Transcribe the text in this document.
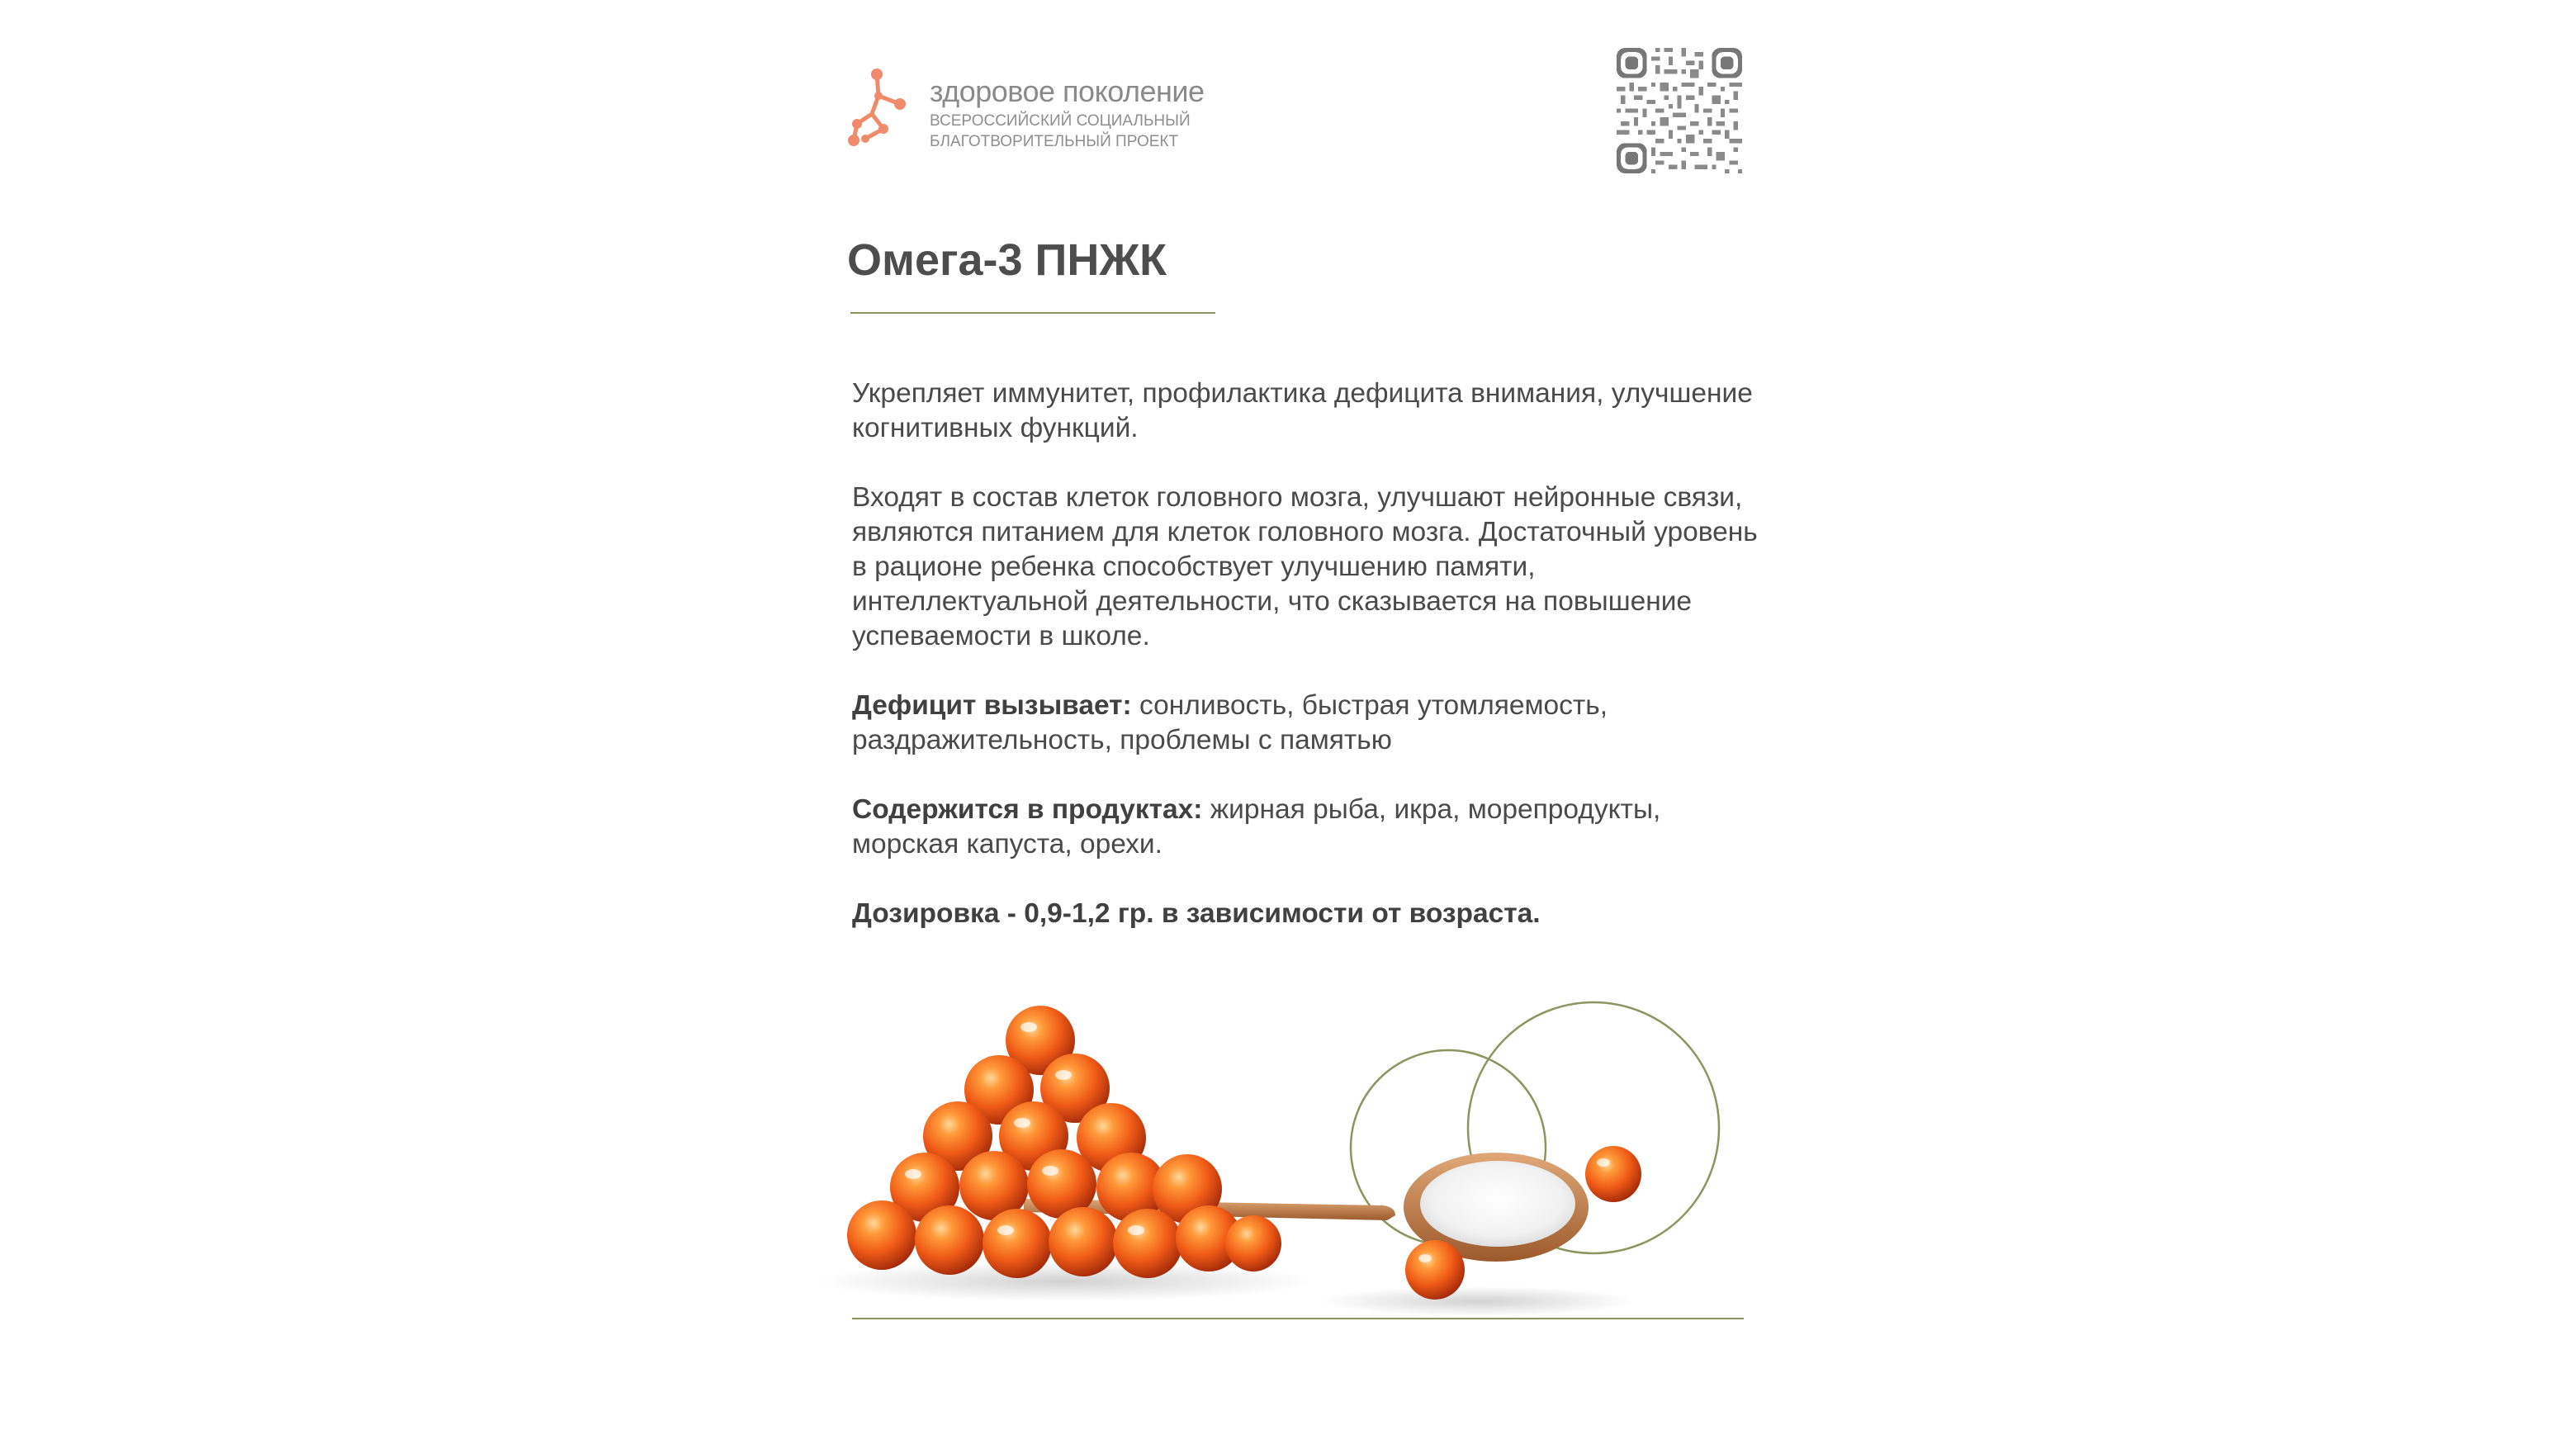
здоровое поколение
ВСЕРОССИЙСКИЙ СОЦИАЛЬНЫЙ
БЛАГОТВОРИТЕЛЬНЫЙ ПРОЕКТ
Омега-3 ПНЖК

Укрепляет иммунитет, профилактика дефицита внимания, улучшение когнитивных функций.

Входят в состав клеток головного мозга, улучшают нейронные связи, являются питанием для клеток головного мозга. Достаточный уровень в рационе ребенка способствует улучшению памяти, интеллектуальной деятельности, что сказывается на повышение успеваемости в школе.

Дефицит вызывает: сонливость, быстрая утомляемость, раздражительность, проблемы с памятью

Содержится в продуктах: жирная рыба, икра, морепродукты, морская капуста, орехи.

Дозировка - 0,9-1,2 гр. в зависимости от возраста.
